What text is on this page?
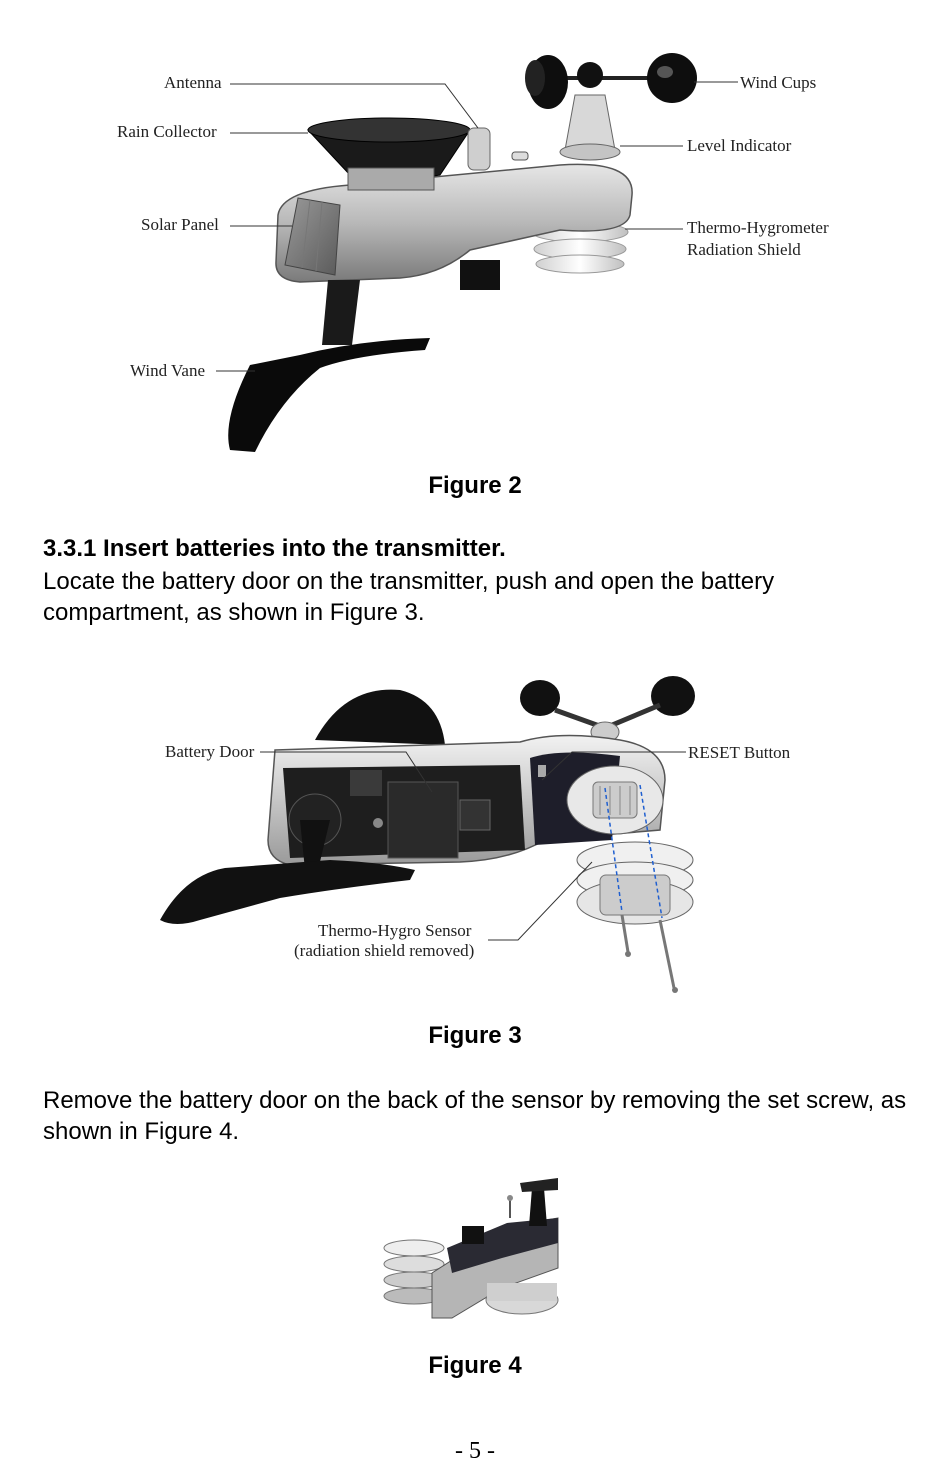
Antenna
Rain Collector
Solar Panel
Wind Vane
Wind Cups
Level Indicator
Thermo-Hygrometer
Radiation Shield
Figure 2
3.3.1 Insert batteries into the transmitter.
Locate the battery door on the transmitter, push and open the battery compartment, as shown in Figure 3.
Battery Door	RESET Button
Thermo-Hygro Sensor
(radiation shield removed)
Figure 3
Remove the battery door on the back of the sensor by removing the set screw, as shown in Figure 4.
Figure 4
- 5 -
